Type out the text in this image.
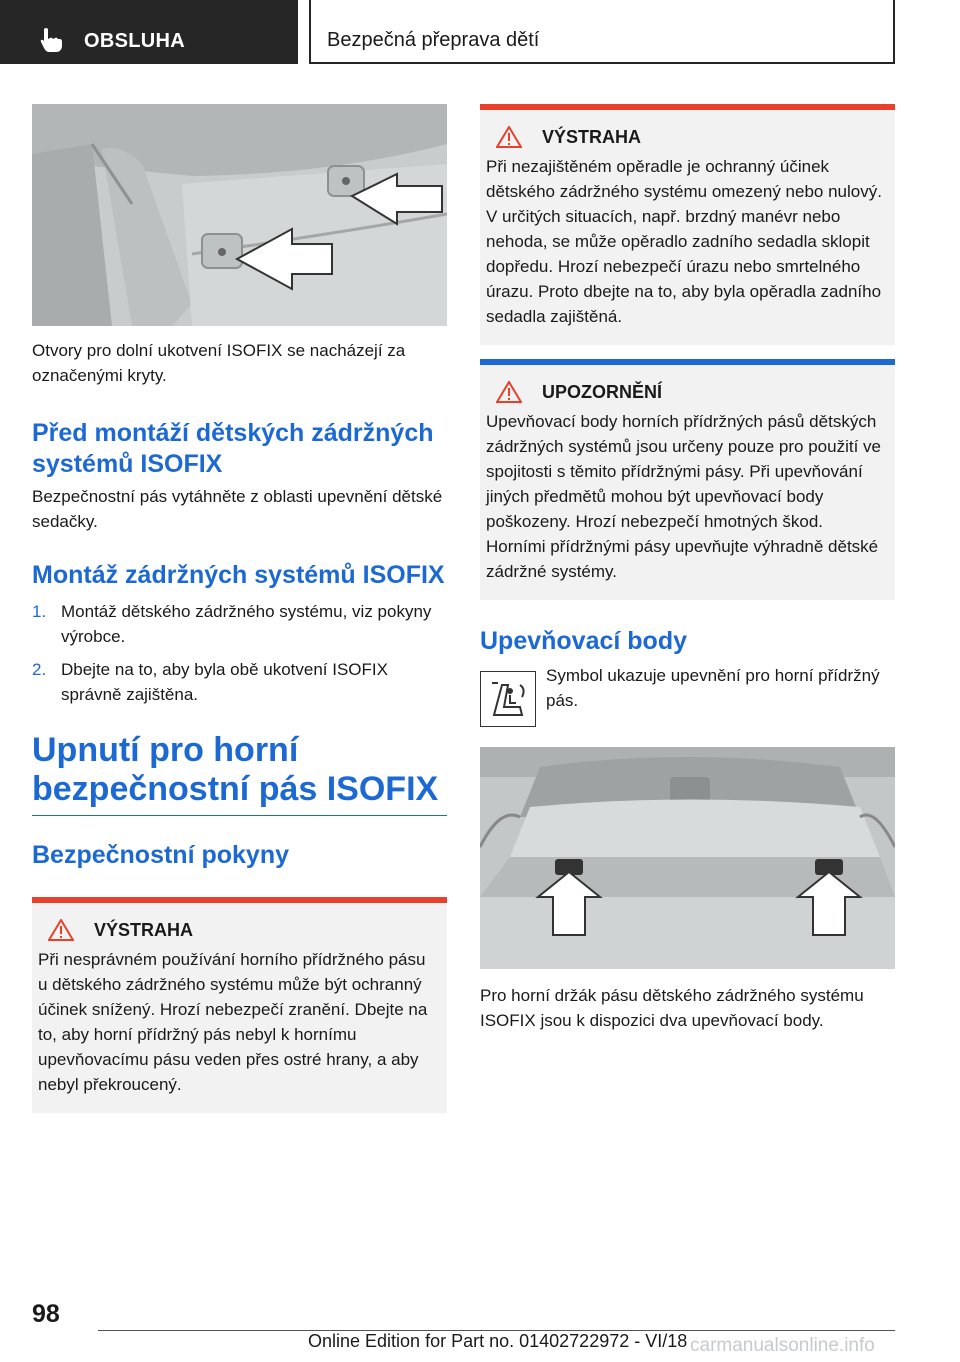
OBSLUHA	Bezpečná přeprava dětí

Otvory pro dolní ukotvení ISOFIX se nacházejí za označenými kryty.

Před montáží dětských zádržných systémů ISOFIX

Bezpečnostní pás vytáhněte z oblasti upevnění dětské sedačky.

Montáž zádržných systémů ISOFIX
1. Montáž dětského zádržného systému, viz pokyny výrobce.
2. Dbejte na to, aby byla obě ukotvení ISOFIX správně zajištěna.
Upnutí pro horní bezpečnostní pás ISOFIX
Bezpečnostní pokyny
VÝSTRAHA

Při nesprávném používání horního přídržného pásu u dětského zádržného systému může být ochranný účinek snížený. Hrozí nebezpečí zranění. Dbejte na to, aby horní přídržný pás nebyl k hornímu upevňovacímu pásu veden přes ostré hrany, a aby nebyl překroucený.

VÝSTRAHA

Při nezajištěném opěradle je ochranný účinek dětského zádržného systému omezený nebo nulový. V určitých situacích, např. brzdný manévr nebo nehoda, se může opěradlo zadního sedadla sklopit dopředu. Hrozí nebezpečí úrazu nebo smrtelného úrazu. Proto dbejte na to, aby byla opěradla zadního sedadla zajištěná.

UPOZORNĚNÍ

Upevňovací body horních přídržných pásů dětských zádržných systémů jsou určeny pouze pro použití ve spojitosti s těmito přídržnými pásy. Při upevňování jiných předmětů mohou být upevňovací body poškozeny. Hrozí nebezpečí hmotných škod. Horními přídržnými pásy upevňujte výhradně dětské zádržné systémy.

Upevňovací body

Symbol ukazuje upevnění pro horní přídržný pás.

Pro horní držák pásu dětského zádržného systému ISOFIX jsou k dispozici dva upevňovací body.

98
Online Edition for Part no. 01402722972 - VI/18 carmanualsonline.info
